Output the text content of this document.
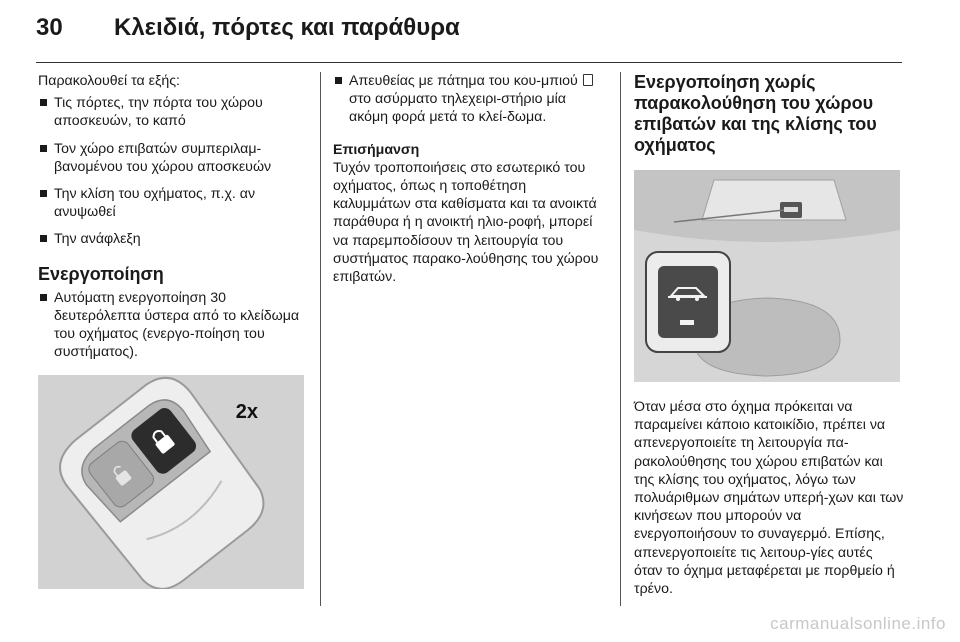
30 Κλειδιά, πόρτες και παράθυρα

Παρακολουθεί τα εξής:

Τις πόρτες, την πόρτα του χώρου αποσκευών, το καπό
Τον χώρο επιβατών συμπεριλαμ-βανομένου του χώρου αποσκευών
Την κλίση του οχήματος, π.χ. αν ανυψωθεί
Την ανάφλεξη
Ενεργοποίηση
Αυτόματη ενεργοποίηση 30 δευτερόλεπτα ύστερα από το κλείδωμα του οχήματος (ενεργο-ποίηση του συστήματος).
2x
Απευθείας με πάτημα του κου-μπιού  στο ασύρματο τηλεχειρι-στήριο μία ακόμη φορά μετά το κλεί-δωμα.

Επισήμανση

Τυχόν τροποποιήσεις στο εσωτερικό του οχήματος, όπως η τοποθέτηση καλυμμάτων στα καθίσματα και τα ανοικτά παράθυρα ή η ανοικτή ηλιο-ροφή, μπορεί να παρεμποδίσουν τη λειτουργία του συστήματος παρακο-λούθησης του χώρου επιβατών.

Ενεργοποίηση χωρίς παρακολούθηση του χώρου επιβατών και της κλίσης του οχήματος

Όταν μέσα στο όχημα πρόκειται να παραμείνει κάποιο κατοικίδιο, πρέπει να απενεργοποιείτε τη λειτουργία πα-ρακολούθησης του χώρου επιβατών και της κλίσης του οχήματος, λόγω των πολυάριθμων σημάτων υπερή-χων και των κινήσεων που μπορούν να ενεργοποιήσουν το συναγερμό. Επίσης, απενεργοποιείτε τις λειτουρ-γίες αυτές όταν το όχημα μεταφέρεται με πορθμείο ή τρένο.

carmanualsonline.info
